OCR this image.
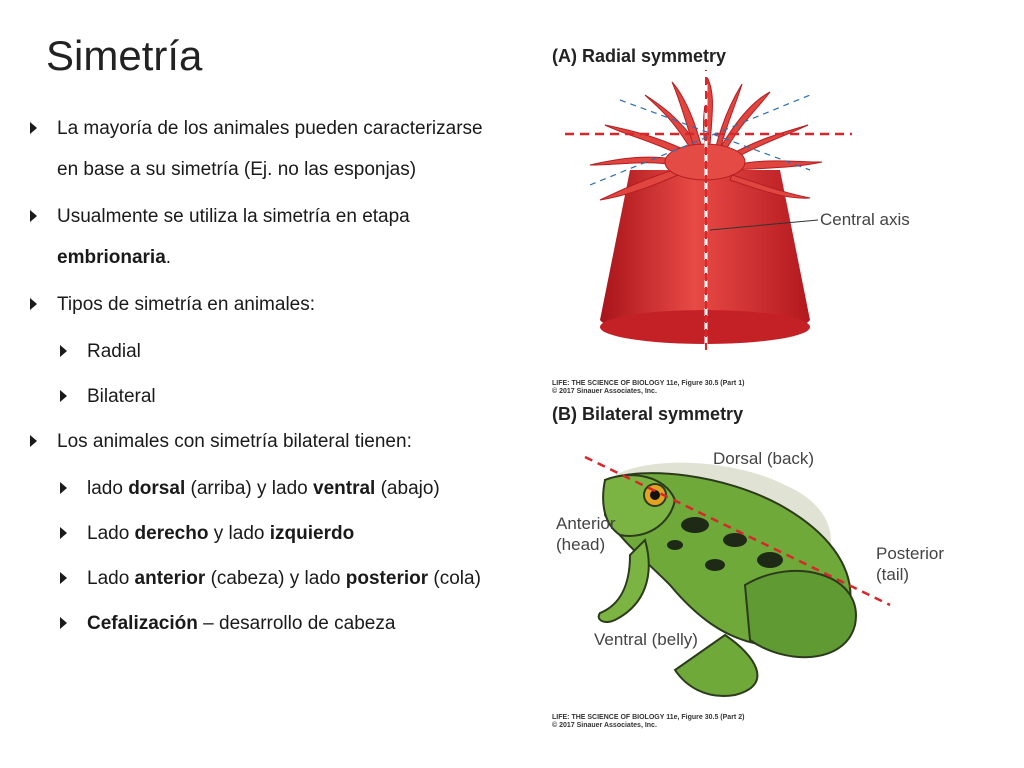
Simetría
La mayoría de los animales pueden caracterizarse en base a su simetría (Ej. no las esponjas)
Usualmente se utiliza la simetría en etapa embrionaria.
Tipos de simetría en animales:
Radial
Bilateral
Los animales con simetría bilateral tienen:
lado dorsal (arriba) y lado ventral (abajo)
Lado derecho y lado izquierdo
Lado anterior (cabeza) y lado posterior (cola)
Cefalización – desarrollo de cabeza
(A) Radial symmetry
Central axis
LIFE: THE SCIENCE OF BIOLOGY 11e, Figure 30.5 (Part 1)
© 2017 Sinauer Associates, Inc.
(B) Bilateral symmetry
Dorsal (back)
Anterior
(head)	Posterior
(tail)
Ventral (belly)
LIFE: THE SCIENCE OF BIOLOGY 11e, Figure 30.5 (Part 2)
© 2017 Sinauer Associates, Inc.
